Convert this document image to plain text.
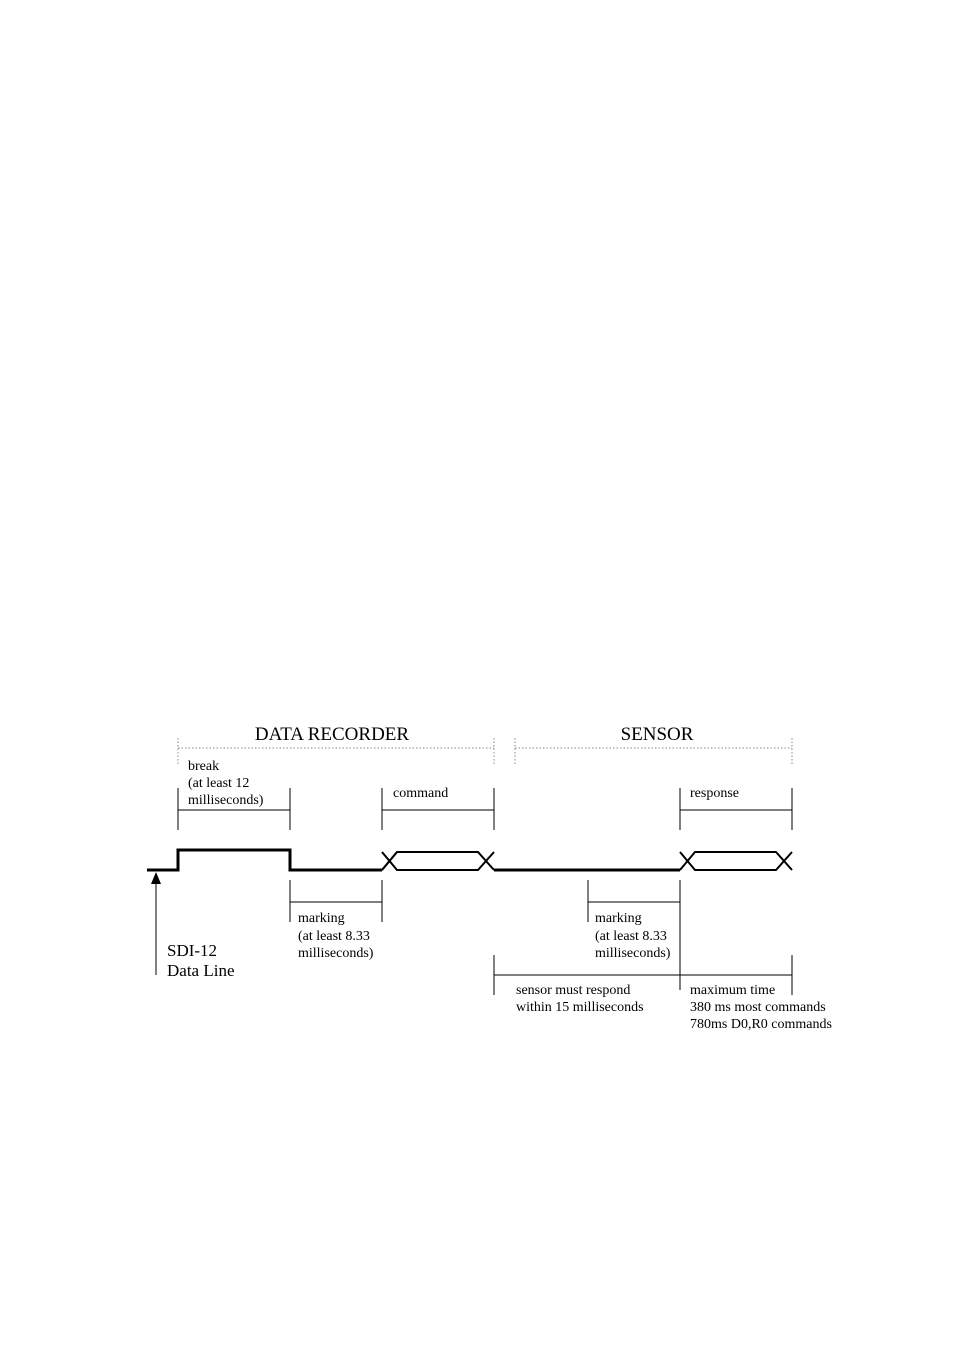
DATA RECORDER	SENSOR
break
(at least 12
milliseconds)	command	response
SDI-12
Data Line
marking
(at least 8.33
milliseconds)
marking
(at least 8.33
milliseconds)
sensor must respond
within 15 milliseconds
maximum time
380 ms most commands
780ms D0,R0 commands
